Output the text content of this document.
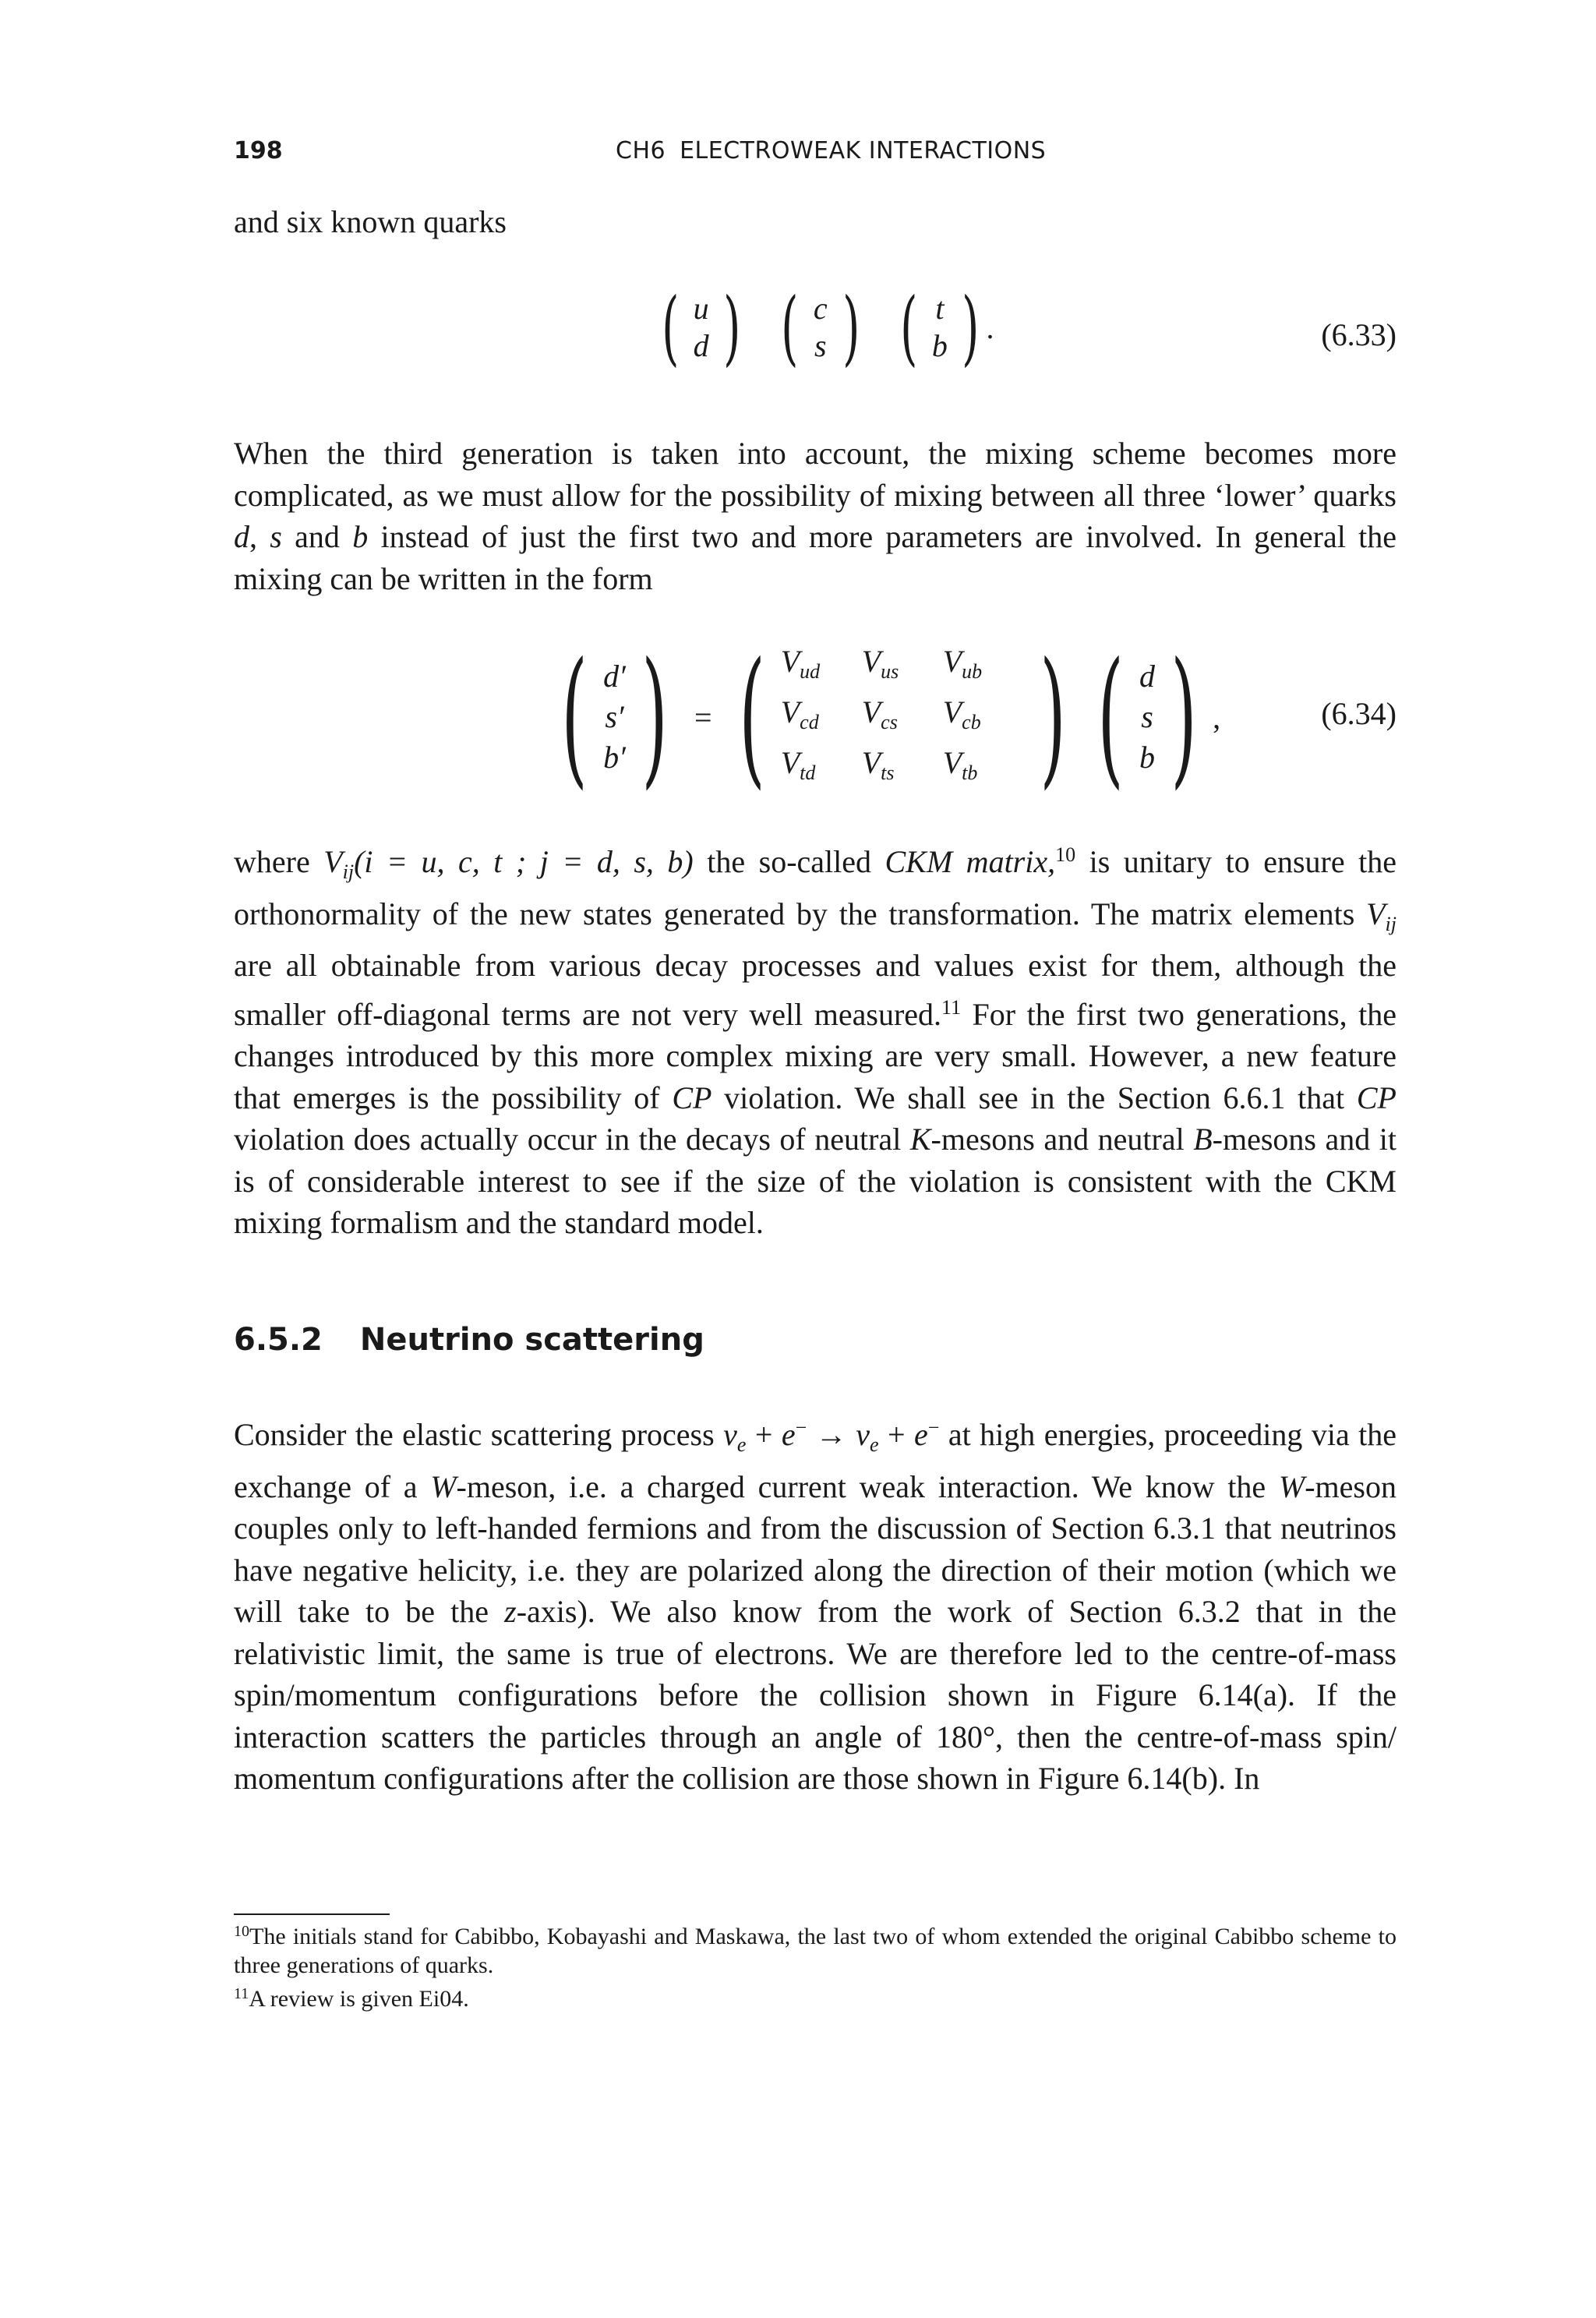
198	CH6 ELECTROWEAK INTERACTIONS
and six known quarks
( u
d ) ( c
s ) ( t
b ) .	(6.33)
When the third generation is taken into account, the mixing scheme becomes more complicated, as we must allow for the possibility of mixing between all three ‘lower’ quarks d, s and b instead of just the first two and more parameters are involved. In general the mixing can be written in the form
( d′
s′
b′ ) = ( $V_{ud}$	$V_{us}$	$V_{ub}$
$V_{cd}$	$V_{cs}$	$V_{cb}$
$V_{td}$	$V_{ts}$	$V_{tb}$ ) ( d
s
b ) ,	(6.34)
where $V_{ij}(i = u$, c, t ; j = d, s, b) the so-called CKM matrix,$^{10}$ is unitary to ensure the orthonormality of the new states generated by the transformation. The matrix elements $V_{ij}$ are all obtainable from various decay processes and values exist for them, although the smaller off-diagonal terms are not very well measured.$^{11}$ For the first two generations, the changes introduced by this more complex mixing are very small. However, a new feature that emerges is the possibility of CP violation. We shall see in the Section 6.6.1 that CP violation does actually occur in the decays of neutral K-mesons and neutral B-mesons and it is of considerable interest to see if the size of the violation is consistent with the CKM mixing formalism and the standard model.
6.5.2 Neutrino scattering
Consider the elastic scattering process $\nu_e + e^- \to \nu_e + e^-$ at high energies, proceeding via the exchange of a W-meson, i.e. a charged current weak interaction. We know the W-meson couples only to left-handed fermions and from the discussion of Section 6.3.1 that neutrinos have negative helicity, i.e. they are polarized along the direction of their motion (which we will take to be the z-axis). We also know from the work of Section 6.3.2 that in the relativistic limit, the same is true of electrons. We are therefore led to the centre-of-mass spin/momentum configurations before the collision shown in Figure 6.14(a). If the interaction scatters the particles through an angle of 180°, then the centre-of-mass spin/ momentum configurations after the collision are those shown in Figure 6.14(b). In
$^{10}$The initials stand for Cabibbo, Kobayashi and Maskawa, the last two of whom extended the original Cabibbo scheme to three generations of quarks.
$^{11}$A review is given Ei04.
